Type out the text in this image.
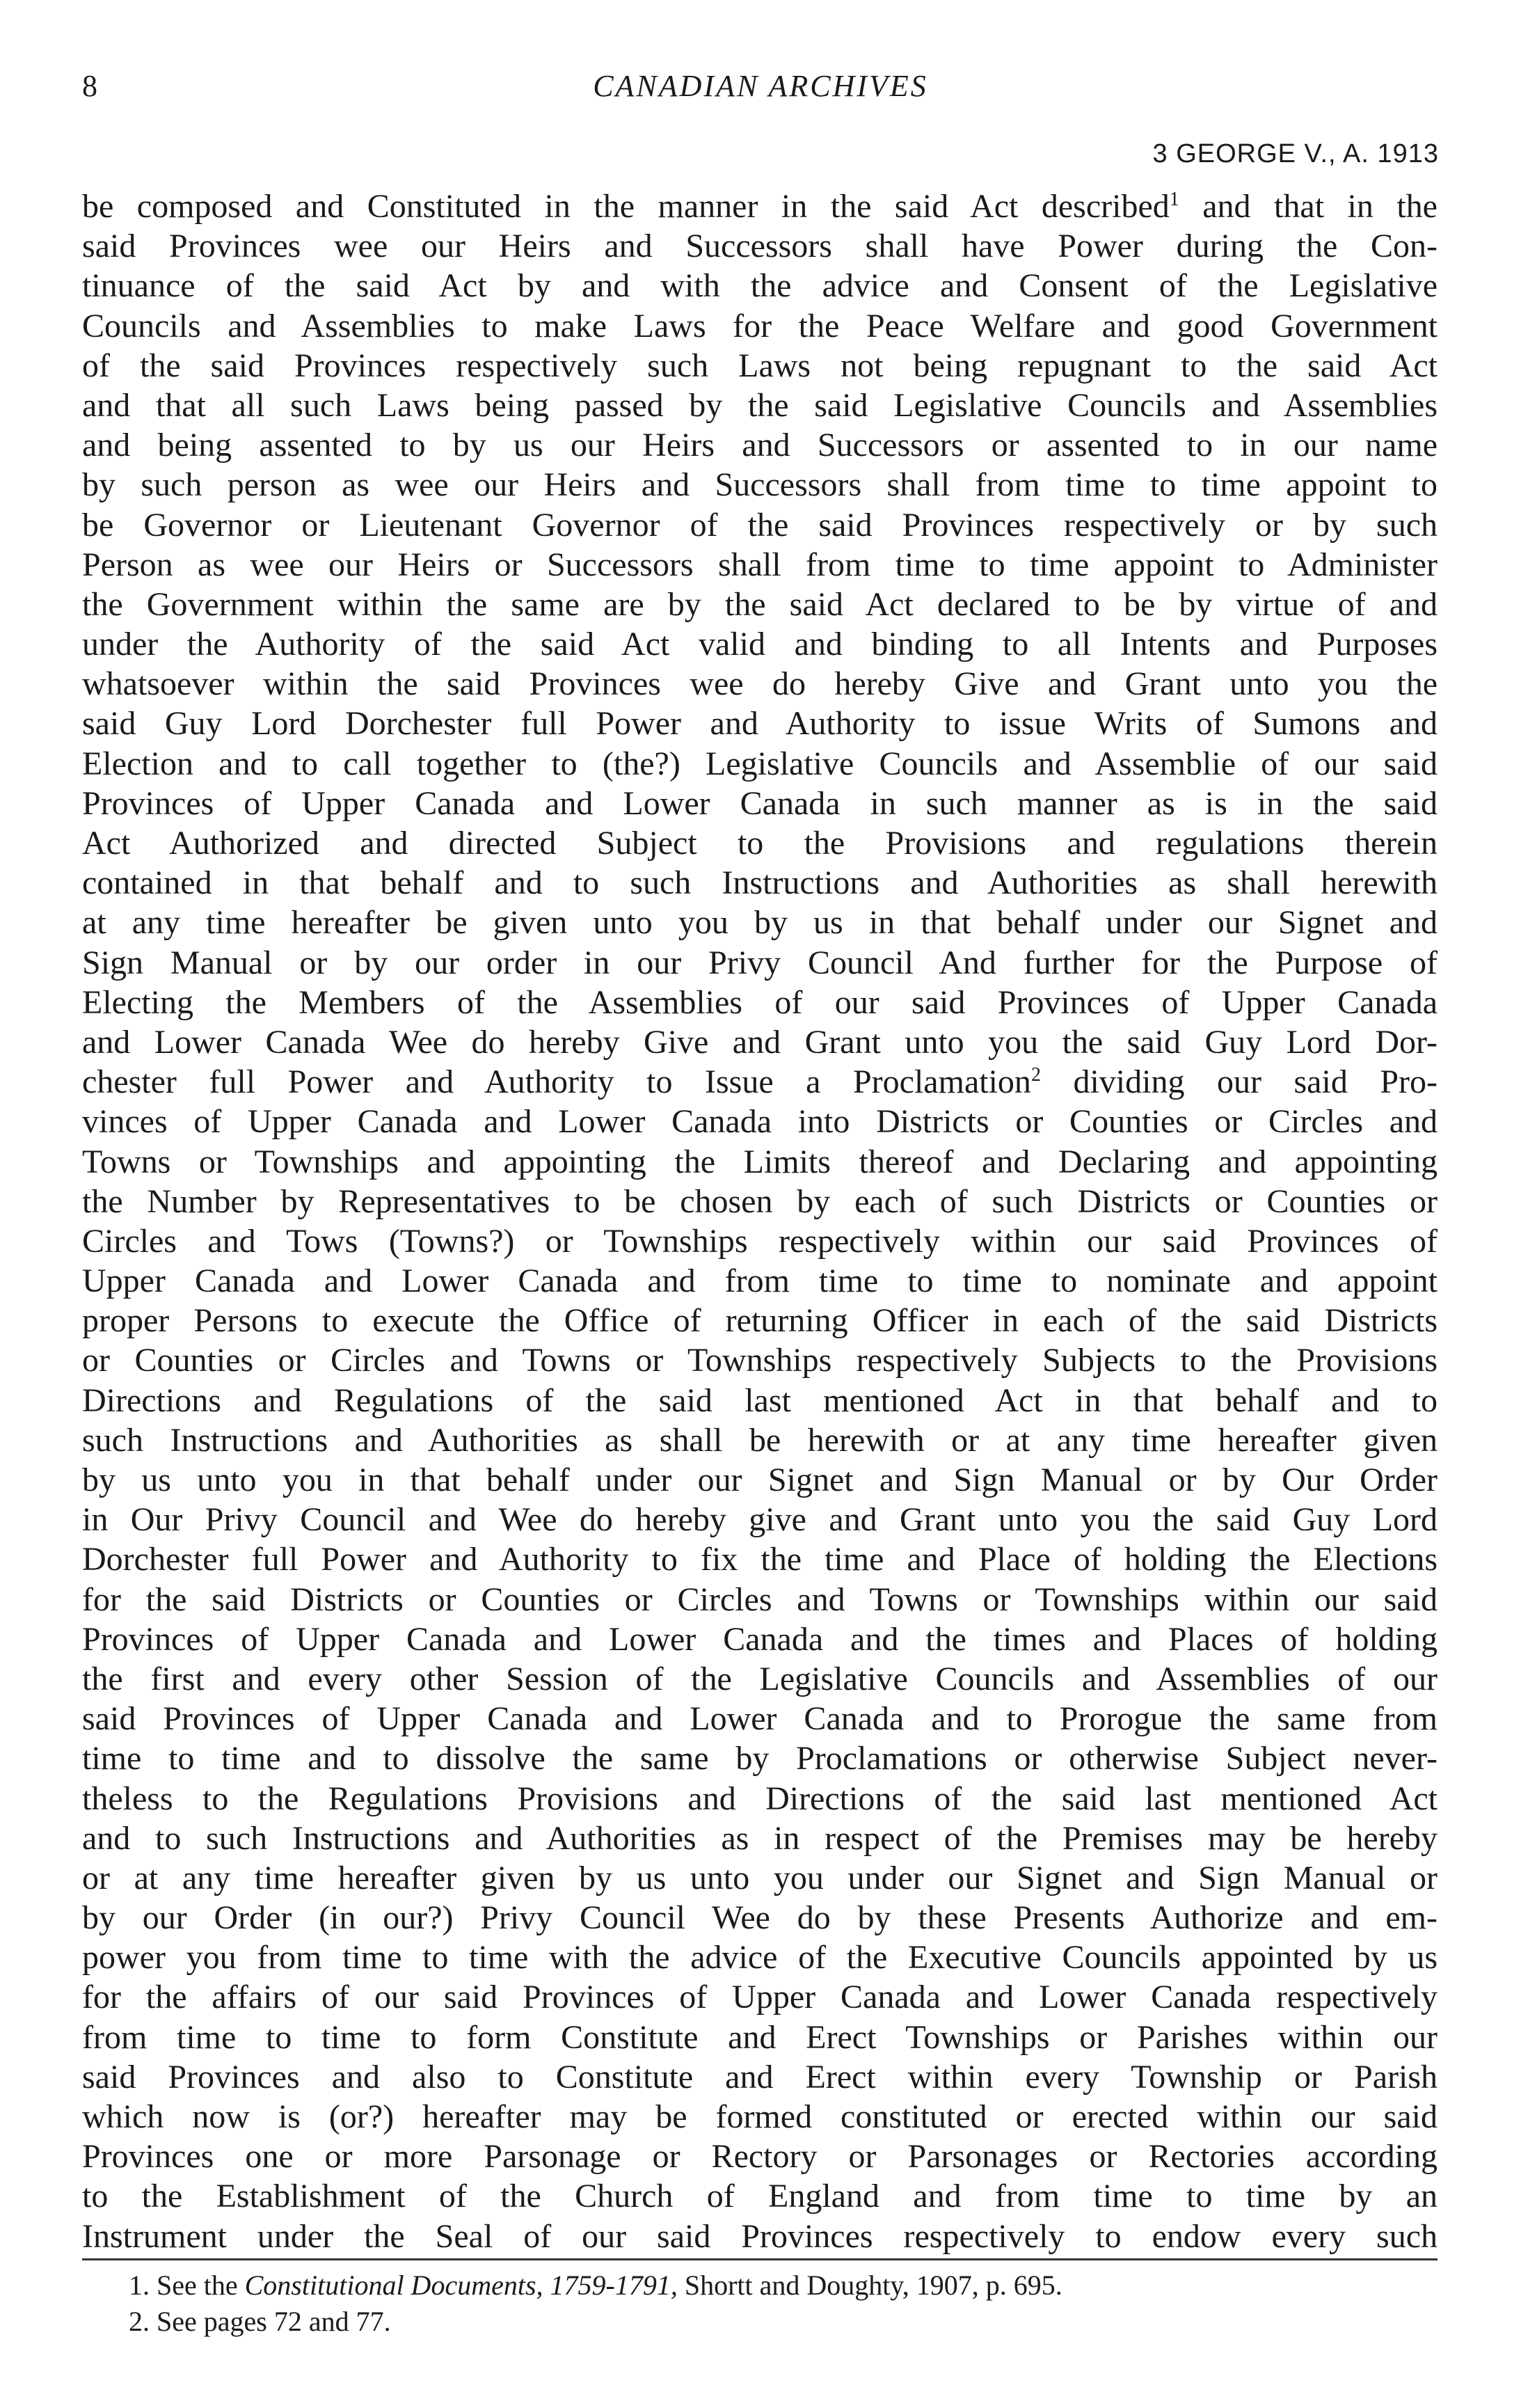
8	CANADIAN ARCHIVES
3 GEORGE V., A. 1913
be composed and Constituted in the manner in the said Act described$^1$ and that in the
said Provinces wee our Heirs and Successors shall have Power during the Con-
tinuance of the said Act by and with the advice and Consent of the Legislative
Councils and Assemblies to make Laws for the Peace Welfare and good Government
of the said Provinces respectively such Laws not being repugnant to the said Act
and that all such Laws being passed by the said Legislative Councils and Assemblies
and being assented to by us our Heirs and Successors or assented to in our name
by such person as wee our Heirs and Successors shall from time to time appoint to
be Governor or Lieutenant Governor of the said Provinces respectively or by such
Person as wee our Heirs or Successors shall from time to time appoint to Administer
the Government within the same are by the said Act declared to be by virtue of and
under the Authority of the said Act valid and binding to all Intents and Purposes
whatsoever within the said Provinces wee do hereby Give and Grant unto you the
said Guy Lord Dorchester full Power and Authority to issue Writs of Sumons and
Election and to call together to (the?) Legislative Councils and Assemblie of our said
Provinces of Upper Canada and Lower Canada in such manner as is in the said
Act Authorized and directed Subject to the Provisions and regulations therein
contained in that behalf and to such Instructions and Authorities as shall herewith
at any time hereafter be given unto you by us in that behalf under our Signet and
Sign Manual or by our order in our Privy Council And further for the Purpose of
Electing the Members of the Assemblies of our said Provinces of Upper Canada
and Lower Canada Wee do hereby Give and Grant unto you the said Guy Lord Dor-
chester full Power and Authority to Issue a Proclamation$^2$ dividing our said Pro-
vinces of Upper Canada and Lower Canada into Districts or Counties or Circles and
Towns or Townships and appointing the Limits thereof and Declaring and appointing
the Number by Representatives to be chosen by each of such Districts or Counties or
Circles and Tows (Towns?) or Townships respectively within our said Provinces of
Upper Canada and Lower Canada and from time to time to nominate and appoint
proper Persons to execute the Office of returning Officer in each of the said Districts
or Counties or Circles and Towns or Townships respectively Subjects to the Provisions
Directions and Regulations of the said last mentioned Act in that behalf and to
such Instructions and Authorities as shall be herewith or at any time hereafter given
by us unto you in that behalf under our Signet and Sign Manual or by Our Order
in Our Privy Council and Wee do hereby give and Grant unto you the said Guy Lord
Dorchester full Power and Authority to fix the time and Place of holding the Elections
for the said Districts or Counties or Circles and Towns or Townships within our said
Provinces of Upper Canada and Lower Canada and the times and Places of holding
the first and every other Session of the Legislative Councils and Assemblies of our
said Provinces of Upper Canada and Lower Canada and to Prorogue the same from
time to time and to dissolve the same by Proclamations or otherwise Subject never-
theless to the Regulations Provisions and Directions of the said last mentioned Act
and to such Instructions and Authorities as in respect of the Premises may be hereby
or at any time hereafter given by us unto you under our Signet and Sign Manual or
by our Order (in our?) Privy Council Wee do by these Presents Authorize and em-
power you from time to time with the advice of the Executive Councils appointed by us
for the affairs of our said Provinces of Upper Canada and Lower Canada respectively
from time to time to form Constitute and Erect Townships or Parishes within our
said Provinces and also to Constitute and Erect within every Township or Parish
which now is (or?) hereafter may be formed constituted or erected within our said
Provinces one or more Parsonage or Rectory or Parsonages or Rectories according
to the Establishment of the Church of England and from time to time by an
Instrument under the Seal of our said Provinces respectively to endow every such
1. See the Constitutional Documents, 1759-1791, Shortt and Doughty, 1907, p. 695.
2. See pages 72 and 77.
